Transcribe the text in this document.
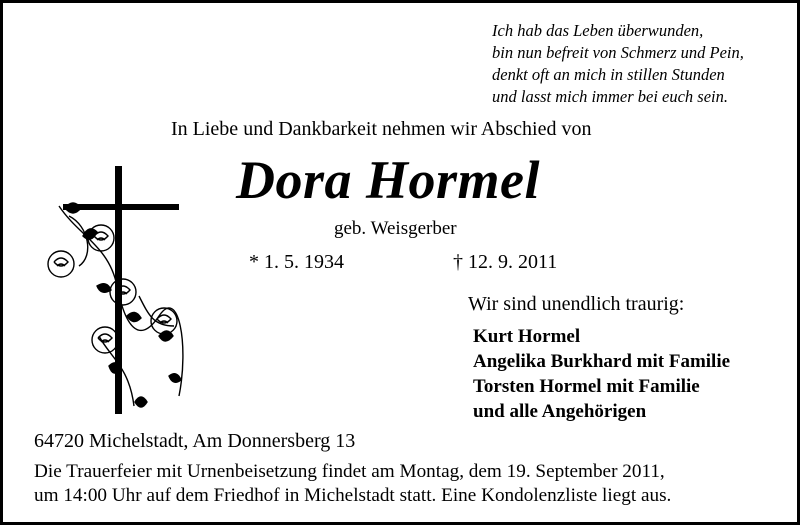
Ich hab das Leben überwunden,
bin nun befreit von Schmerz und Pein,
denkt oft an mich in stillen Stunden
und lasst mich immer bei euch sein.
In Liebe und Dankbarkeit nehmen wir Abschied von
Dora Hormel
geb. Weisgerber
* 1. 5. 1934	† 12. 9. 2011
Wir sind unendlich traurig:
Kurt Hormel
Angelika Burkhard mit Familie
Torsten Hormel mit Familie
und alle Angehörigen
64720 Michelstadt, Am Donnersberg 13
Die Trauerfeier mit Urnenbeisetzung findet am Montag, dem 19. September 2011,
um 14:00 Uhr auf dem Friedhof in Michelstadt statt. Eine Kondolenzliste liegt aus.
